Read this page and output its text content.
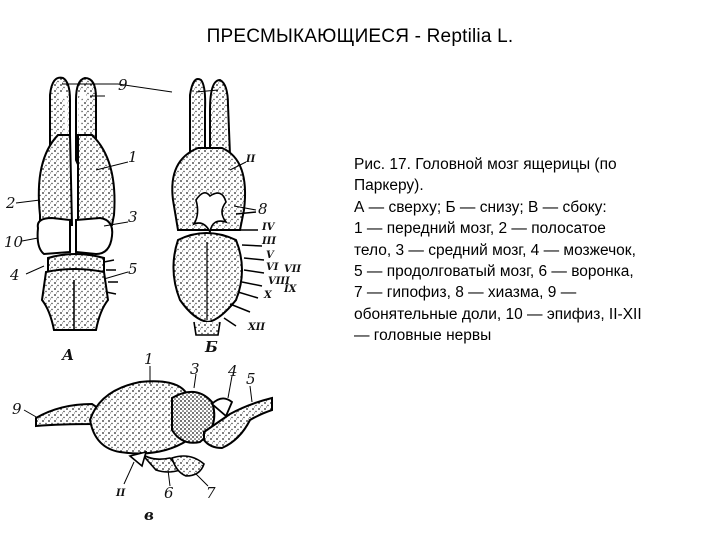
ПРЕСМЫКАЮЩИЕСЯ - Reptilia L.
9
1
2
3
10
4	5
А
II
8
IV
III
V
VI VII
VIII
IX
X
XII
Б
1
3 4 5
9
II	6 7
в
Рис. 17. Головной мозг ящерицы (по
Паркеру).
А — сверху; Б — снизу; В — сбоку:
1 — передний мозг, 2 — полосатое
тело, 3 — средний мозг, 4 — мозжечок,
5 — продолговатый мозг, 6 — воронка,
7 — гипофиз, 8 — хиазма, 9 —
обонятельные доли, 10 — эпифиз, II-XII
— головные нервы
